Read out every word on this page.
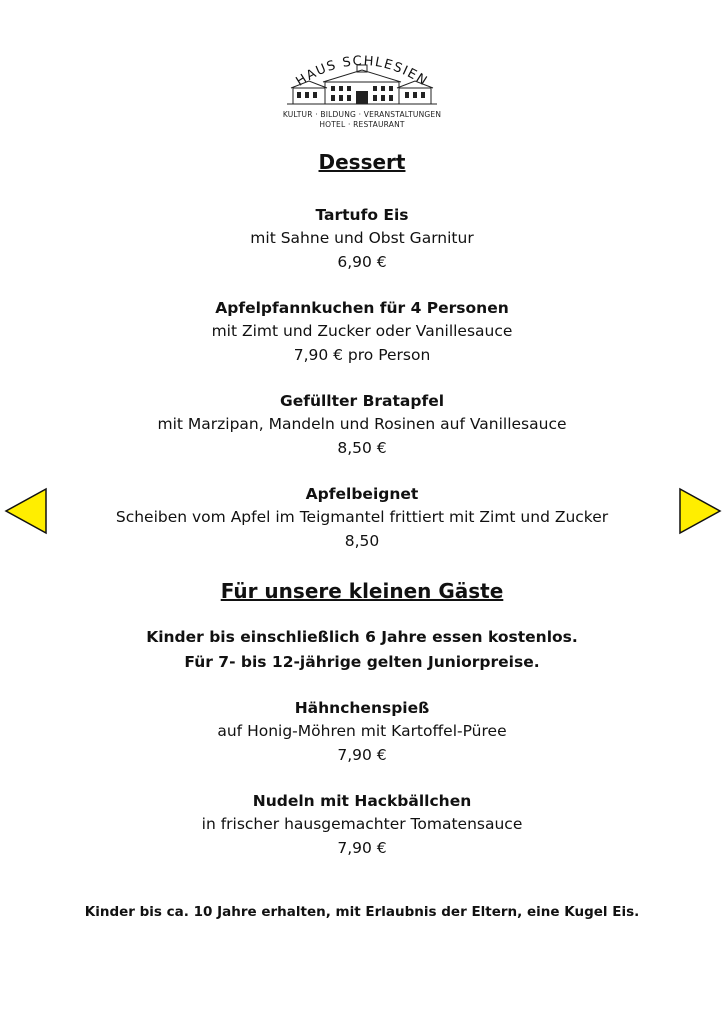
HAUS SCHLESIEN
KULTUR · BILDUNG · VERANSTALTUNGEN
HOTEL · RESTAURANT
Dessert
Tartufo Eis
mit Sahne und Obst Garnitur
6,90 €
Apfelpfannkuchen für 4 Personen
mit Zimt und Zucker oder Vanillesauce
7,90 € pro Person
Gefüllter Bratapfel
mit Marzipan, Mandeln und Rosinen auf Vanillesauce
8,50 €
Apfelbeignet
Scheiben vom Apfel im Teigmantel frittiert mit Zimt und Zucker
8,50
Für unsere kleinen Gäste
Kinder bis einschließlich 6 Jahre essen kostenlos.
Für 7- bis 12-jährige gelten Juniorpreise.
Hähnchenspieß
auf Honig-Möhren mit Kartoffel-Püree
7,90 €
Nudeln mit Hackbällchen
in frischer hausgemachter Tomatensauce
7,90 €
Kinder bis ca. 10 Jahre erhalten, mit Erlaubnis der Eltern, eine Kugel Eis.
